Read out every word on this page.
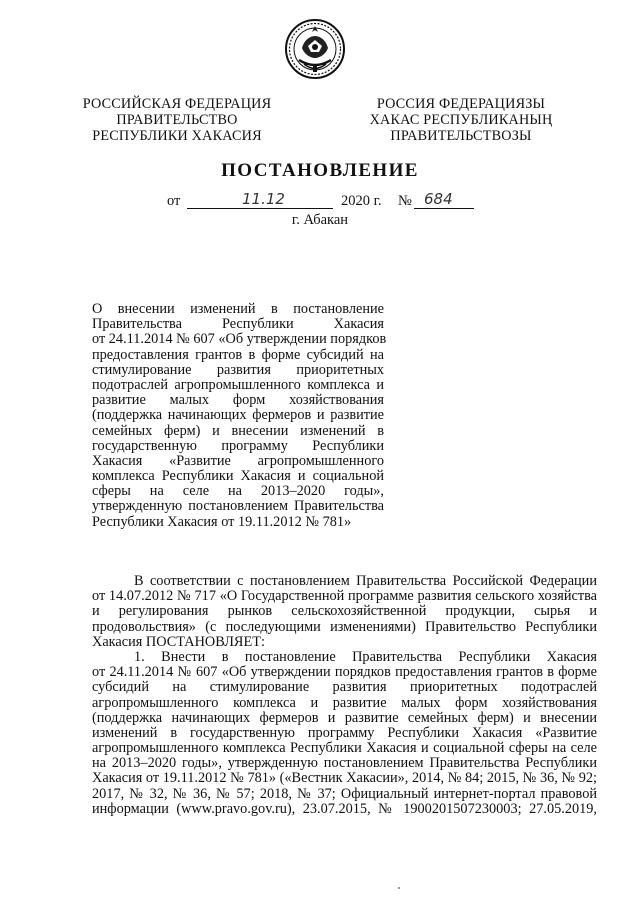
РОССИЙСКАЯ ФЕДЕРАЦИЯ
ПРАВИТЕЛЬСТВО
РЕСПУБЛИКИ ХАКАСИЯ
РОССИЯ ФЕДЕРАЦИЯЗЫ
ХАКАС РЕСПУБЛИКАНЫҢ
ПРАВИТЕЛЬСТВОЗЫ
ПОСТАНОВЛЕНИЕ
от	11.12	2020 г. № 684
г. Абакан
О внесении изменений в постановление
Правительства Республики Хакасия
от 24.11.2014 № 607 «Об утверждении порядков
предоставления грантов в форме субсидий на
стимулирование развития приоритетных
подотраслей агропромышленного комплекса и
развитие малых форм хозяйствования
(поддержка начинающих фермеров и развитие
семейных ферм) и внесении изменений в
государственную программу Республики
Хакасия «Развитие агропромышленного
комплекса Республики Хакасия и социальной
сферы на селе на 2013–2020 годы»,
утвержденную постановлением Правительства
Республики Хакасия от 19.11.2012 № 781»
В соответствии с постановлением Правительства Российской Федерации
от 14.07.2012 № 717 «О Государственной программе развития сельского хозяйства
и регулирования рынков сельскохозяйственной продукции, сырья и
продовольствия» (с последующими изменениями) Правительство Республики
Хакасия ПОСТАНОВЛЯЕТ:
1. Внести в постановление Правительства Республики Хакасия
от 24.11.2014 № 607 «Об утверждении порядков предоставления грантов в форме
субсидий на стимулирование развития приоритетных подотраслей
агропромышленного комплекса и развитие малых форм хозяйствования
(поддержка начинающих фермеров и развитие семейных ферм) и внесении
изменений в государственную программу Республики Хакасия «Развитие
агропромышленного комплекса Республики Хакасия и социальной сферы на селе
на 2013–2020 годы», утвержденную постановлением Правительства Республики
Хакасия от 19.11.2012 № 781» («Вестник Хакасии», 2014, № 84; 2015, № 36, № 92;
2017, № 32, № 36, № 57; 2018, № 37; Официальный интернет-портал правовой
информации (www.pravo.gov.ru), 23.07.2015, № 1900201507230003; 27.05.2019,
